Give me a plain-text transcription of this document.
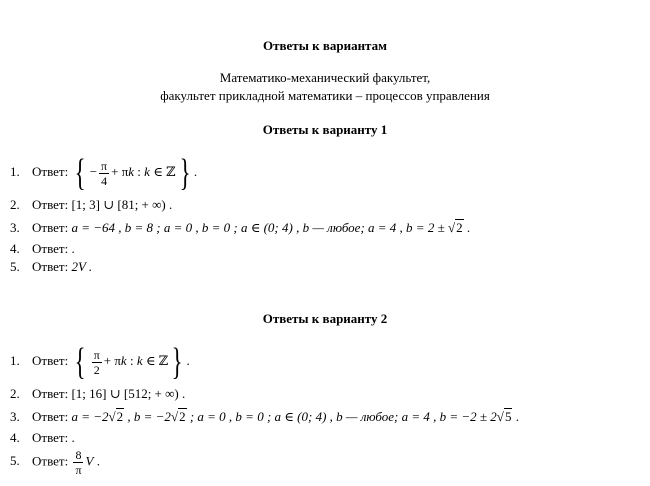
Ответы к вариантам
Математико-механический факультет,
факультет прикладной математики – процессов управления
Ответы к варианту 1
1. Ответ: { − $\frac{\pi}{4} + \pi k$ : k ∈ ℤ} .
2. Ответ: [1; 3] ∪ [81; + ∞) .
3. Ответ: a = −64 , b = 8 ; a = 0 , b = 0 ; a ∈ (0; 4) , b — любое; a = 4 , b = 2 ± √2 .
4. Ответ: .
5. Ответ: 2V .
Ответы к варианту 2
1. Ответ: { $\frac{\pi}{2} + \pi k$ : k ∈ ℤ} .
2. Ответ: [1; 16] ∪ [512; + ∞) .
3. Ответ: a = −2√2 , b = −2√2 ; a = 0 , b = 0 ; a ∈ (0; 4) , b — любое; a = 4 , b = −2 ± 2√5 .
4. Ответ: .
5. Ответ: $\frac{8}{\pi}$ V .
